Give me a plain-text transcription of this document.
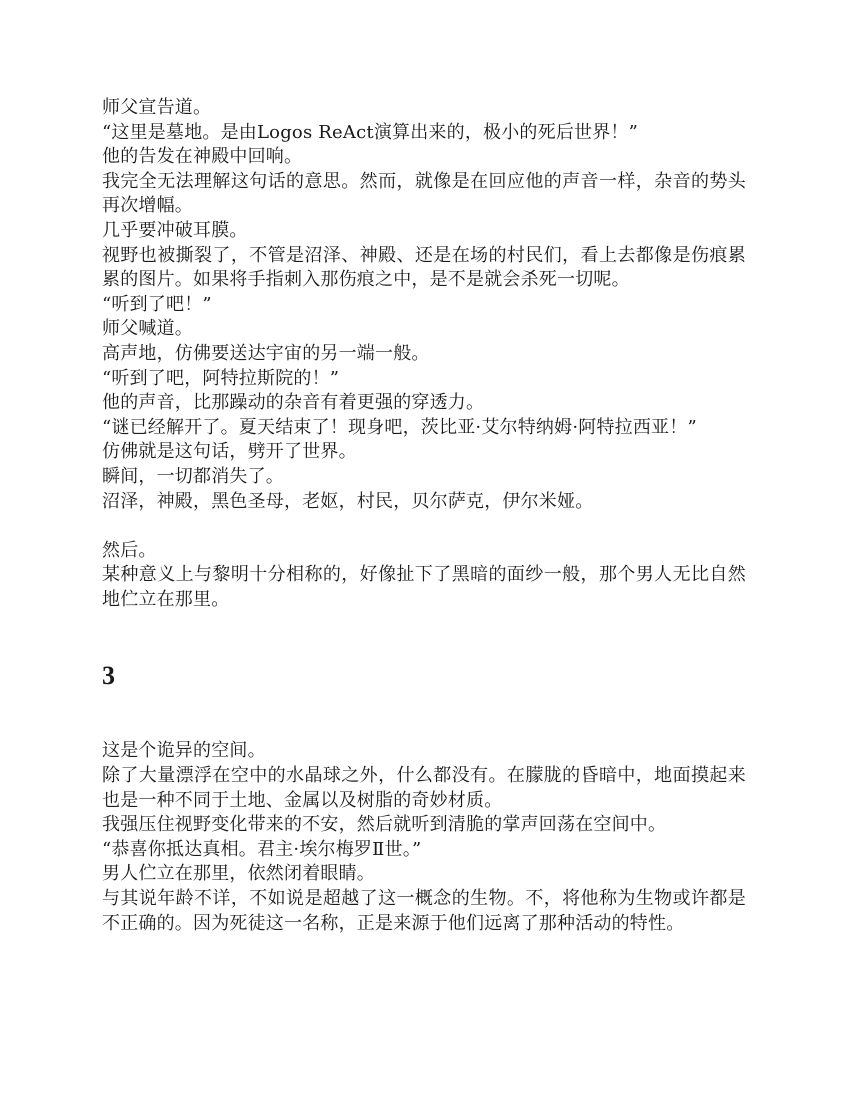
师父宣告道。

“这里是墓地。是由Logos ReAct演算出来的，极小的死后世界！”

他的告发在神殿中回响。

我完全无法理解这句话的意思。然而，就像是在回应他的声音一样，杂音的势头再次增幅。

几乎要冲破耳膜。

视野也被撕裂了，不管是沼泽、神殿、还是在场的村民们，看上去都像是伤痕累累的图片。如果将手指刺入那伤痕之中，是不是就会杀死一切呢。

“听到了吧！”

师父喊道。

高声地，仿佛要送达宇宙的另一端一般。

“听到了吧，阿特拉斯院的！”

他的声音，比那躁动的杂音有着更强的穿透力。

“谜已经解开了。夏天结束了！现身吧，茨比亚·艾尔特纳姆·阿特拉西亚！”

仿佛就是这句话，劈开了世界。

瞬间，一切都消失了。

沼泽，神殿，黑色圣母，老妪，村民，贝尔萨克，伊尔米娅。

然后。

某种意义上与黎明十分相称的，好像扯下了黑暗的面纱一般，那个男人无比自然地伫立在那里。

3

这是个诡异的空间。

除了大量漂浮在空中的水晶球之外，什么都没有。在朦胧的昏暗中，地面摸起来也是一种不同于土地、金属以及树脂的奇妙材质。

我强压住视野变化带来的不安，然后就听到清脆的掌声回荡在空间中。

“恭喜你抵达真相。君主·埃尔梅罗Ⅱ世。”

男人伫立在那里，依然闭着眼睛。

与其说年龄不详，不如说是超越了这一概念的生物。不，将他称为生物或许都是不正确的。因为死徒这一名称，正是来源于他们远离了那种活动的特性。
